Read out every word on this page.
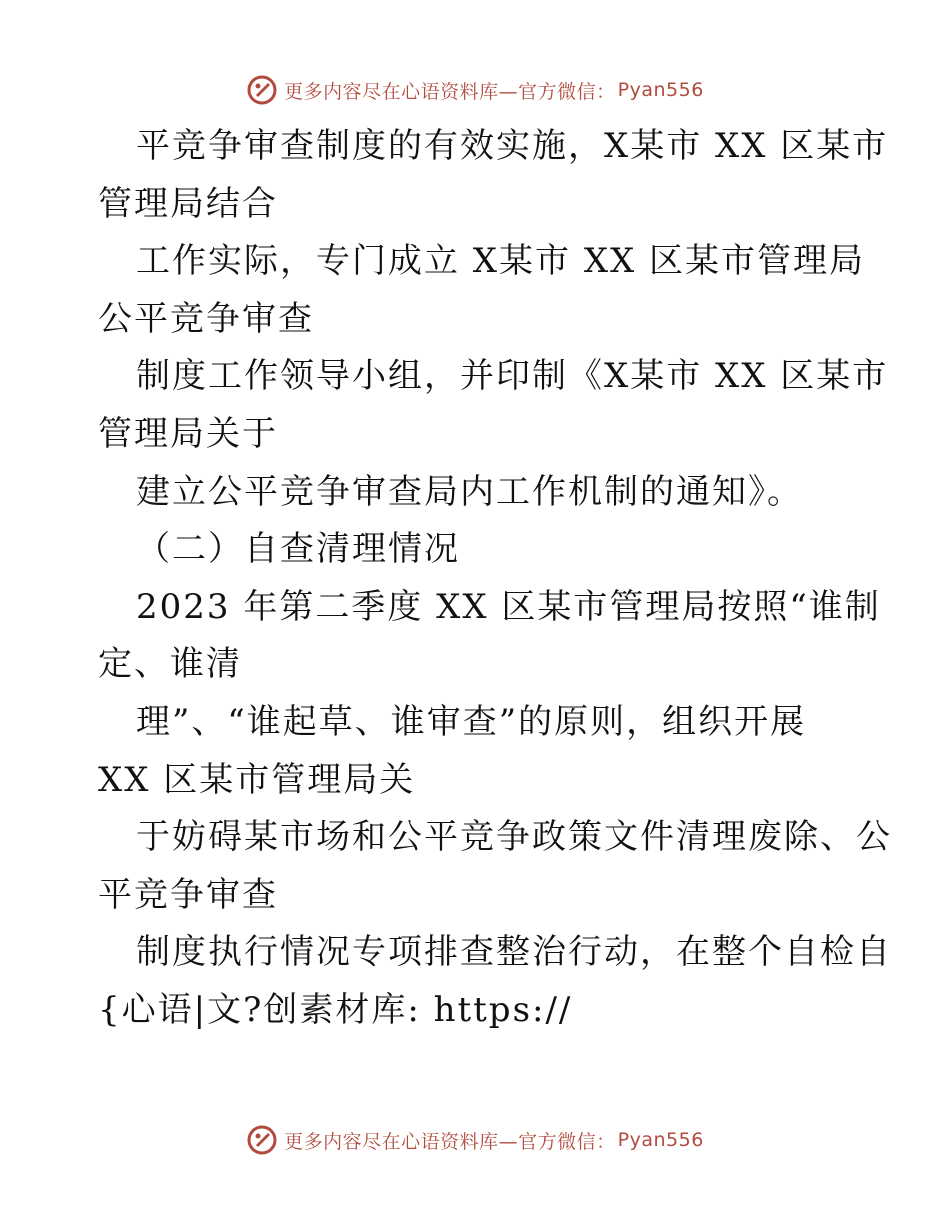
更多内容尽在心语资料库—官方微信： Pyan556
平竞争审查制度的有效实施，X某市 XX 区某市
管理局结合
工作实际，专门成立 X某市 XX 区某市管理局
公平竞争审查
制度工作领导小组，并印制《X某市 XX 区某市
管理局关于
建立公平竞争审查局内工作机制的通知》。
（二）自查清理情况
2023 年第二季度 XX 区某市管理局按照“谁制
定、谁清
理”、“谁起草、谁审查”的原则，组织开展
XX 区某市管理局关
于妨碍某市场和公平竞争政策文件清理废除、公
平竞争审查
制度执行情况专项排查整治行动，在整个自检自
{心语|文?创素材库: https://
更多内容尽在心语资料库—官方微信： Pyan556
